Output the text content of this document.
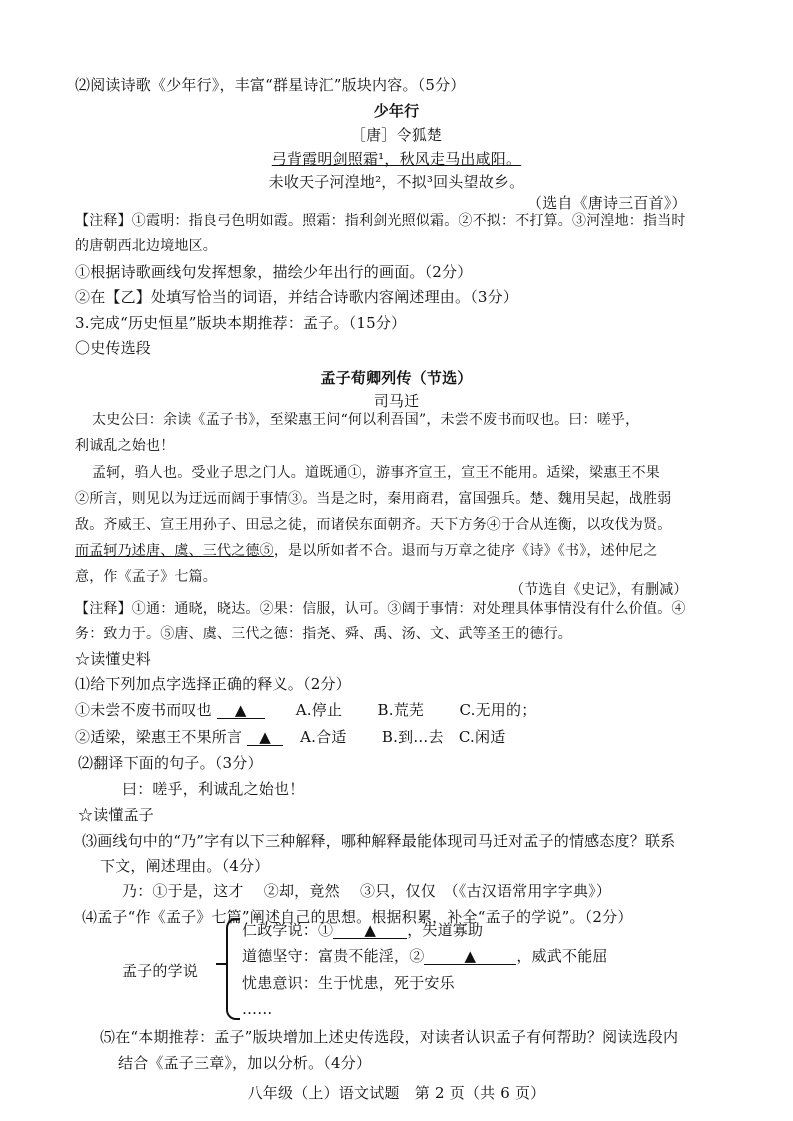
⑵阅读诗歌《少年行》，丰富“群星诗汇”版块内容。（5分）
少年行
［唐］令狐楚
弓背霞明剑照霜¹，秋风走马出咸阳。
未收天子河湟地²，不拟³回头望故乡。
（选自《唐诗三百首》）
【注释】①霞明：指良弓色明如霞。照霜：指利剑光照似霜。②不拟：不打算。③河湟地：指当时
的唐朝西北边境地区。
①根据诗歌画线句发挥想象，描绘少年出行的画面。（2分）
②在【乙】处填写恰当的词语，并结合诗歌内容阐述理由。（3分）
3.完成“历史恒星”版块本期推荐：孟子。（15分）
〇史传选段
孟子荀卿列传（节选）
司马迁
太史公曰：余读《孟子书》，至梁惠王问“何以利吾国”，未尝不废书而叹也。曰：嗟乎，
利诚乱之始也！
孟轲，驺人也。受业子思之门人。道既通①，游事齐宣王，宣王不能用。适梁，梁惠王不果
②所言，则见以为迂远而阔于事情③。当是之时，秦用商君，富国强兵。楚、魏用吴起，战胜弱
敌。齐威王、宣王用孙子、田忌之徒，而诸侯东面朝齐。天下方务④于合从连衡，以攻伐为贤。
而孟轲乃述唐、虞、三代之德⑤，是以所如者不合。退而与万章之徒序《诗》《书》，述仲尼之
意，作《孟子》七篇。
（节选自《史记》，有删减）
【注释】①通：通晓，晓达。②果：信服，认可。③阔于事情：对处理具体事情没有什么价值。④
务：致力于。⑤唐、虞、三代之德：指尧、舜、禹、汤、文、武等圣王的德行。
☆读懂史料
⑴给下列加点字选择正确的释义。（2分）
①未尝不废书而叹也 ▲	A.停止　　 B.荒芜　　 C.无用的；
②适梁，梁惠王不果所言 ▲ A.合适　　 B.到…去　C.闲适
⑵翻译下面的句子。（3分）
曰：嗟乎，利诚乱之始也！
☆读懂孟子
⑶画线句中的“乃”字有以下三种解释，哪种解释最能体现司马迁对孟子的情感态度？联系
下文，阐述理由。（4分）
乃：①于是，这才　 ②却，竟然　 ③只，仅仅　（《古汉语常用字字典》）
⑷孟子“作《孟子》七篇”阐述自己的思想。根据积累，补全“孟子的学说”。（2分）
孟子的学说
仁政学说：① ▲ ，失道寡助
道德坚守：富贵不能淫，②	▲	，威武不能屈
忧患意识：生于忧患，死于安乐
……
⑸在“本期推荐：孟子”版块增加上述史传选段，对读者认识孟子有何帮助？阅读选段内
结合《孟子三章》，加以分析。（4分）
八年级（上）语文试题　第 2 页（共 6 页）
